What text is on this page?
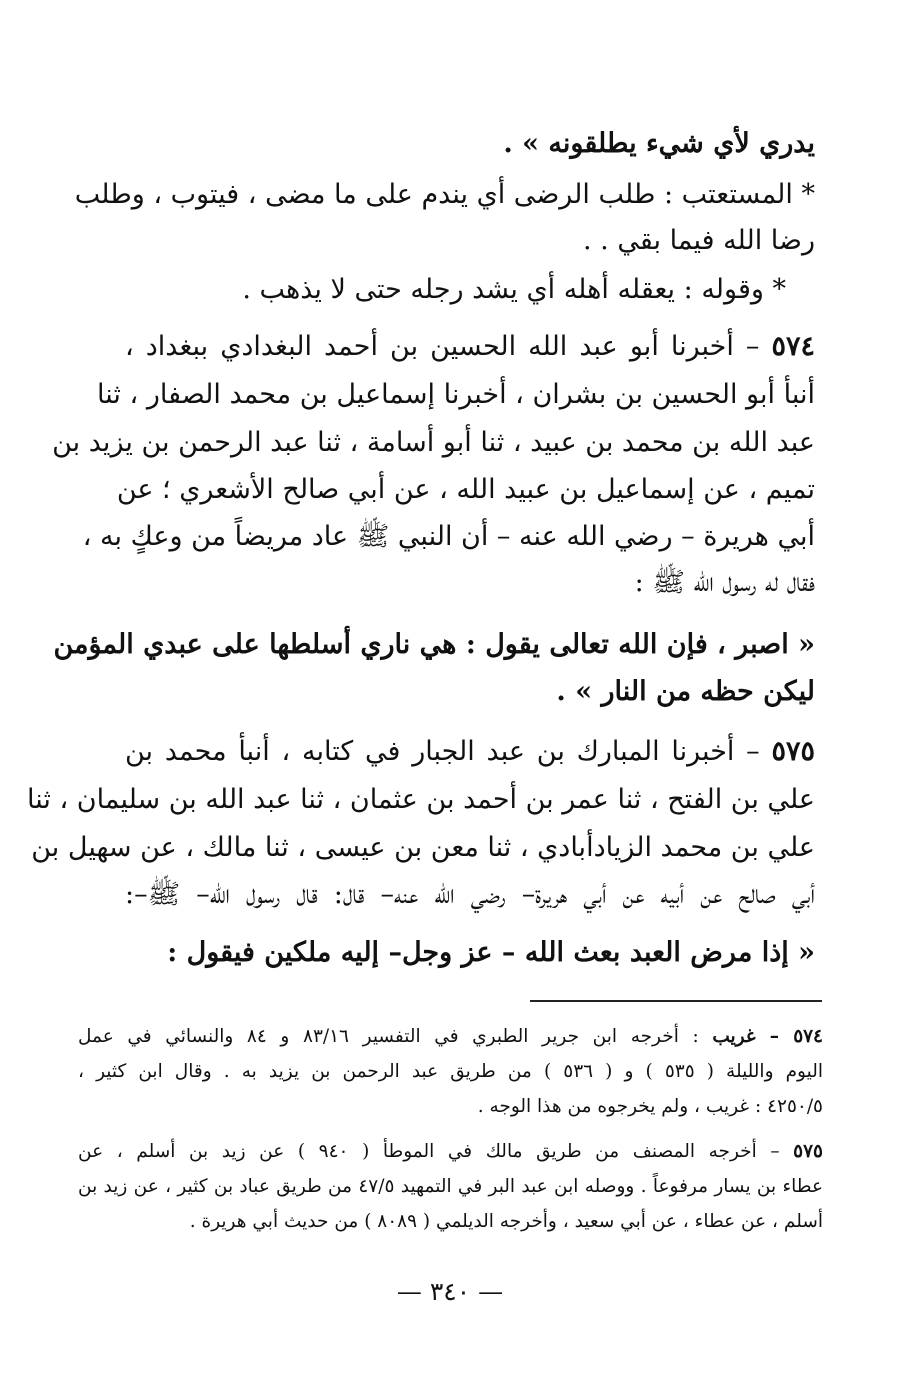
يدري لأي شيء يطلقونه » .
* المستعتب : طلب الرضى أي يندم على ما مضى ، فيتوب ، وطلب
رضا الله فيما بقي . .
* وقوله : يعقله أهله أي يشد رجله حتى لا يذهب .
٥٧٤ – أخبرنا أبو عبد الله الحسين بن أحمد البغدادي ببغداد ،
أنبأ أبو الحسين بن بشران ، أخبرنا إسماعيل بن محمد الصفار ، ثنا
عبد الله بن محمد بن عبيد ، ثنا أبو أسامة ، ثنا عبد الرحمن بن يزيد بن
تميم ، عن إسماعيل بن عبيد الله ، عن أبي صالح الأشعري ؛ عن
أبي هريرة – رضي الله عنه – أن النبي ﷺ عاد مريضاً من وعكٍ به ،
فقال له رسول الله ﷺ :
« اصبر ، فإن الله تعالى يقول : هي ناري أسلطها على عبدي المؤمن
ليكن حظه من النار » .
٥٧٥ – أخبرنا المبارك بن عبد الجبار في كتابه ، أنبأ محمد بن
علي بن الفتح ، ثنا عمر بن أحمد بن عثمان ، ثنا عبد الله بن سليمان ، ثنا
علي بن محمد الزيادأبادي ، ثنا معن بن عيسى ، ثنا مالك ، عن سهيل بن
أبي صالح عن أبيه عن أبي هريرة– رضي الله عنه– قال: قال رسول الله– ﷺ–:
« إذا مرض العبد بعث الله – عز وجل– إليه ملكين فيقول :
٥٧٤ – غريب : أخرجه ابن جرير الطبري في التفسير ٨٣/١٦ و ٨٤ والنسائي في عمل
اليوم والليلة ( ٥٣٥ ) و ( ٥٣٦ ) من طريق عبد الرحمن بن يزيد به . وقال ابن كثير ،
٤٢٥٠/٥ : غريب ، ولم يخرجوه من هذا الوجه .
٥٧٥ – أخرجه المصنف من طريق مالك في الموطأ ( ٩٤٠ ) عن زيد بن أسلم ، عن
عطاء بن يسار مرفوعاً . ووصله ابن عبد البر في التمهيد ٤٧/٥ من طريق عباد بن كثير ، عن زيد بن
أسلم ، عن عطاء ، عن أبي سعيد ، وأخرجه الديلمي ( ٨٠٨٩ ) من حديث أبي هريرة .
— ٣٤٠ —
